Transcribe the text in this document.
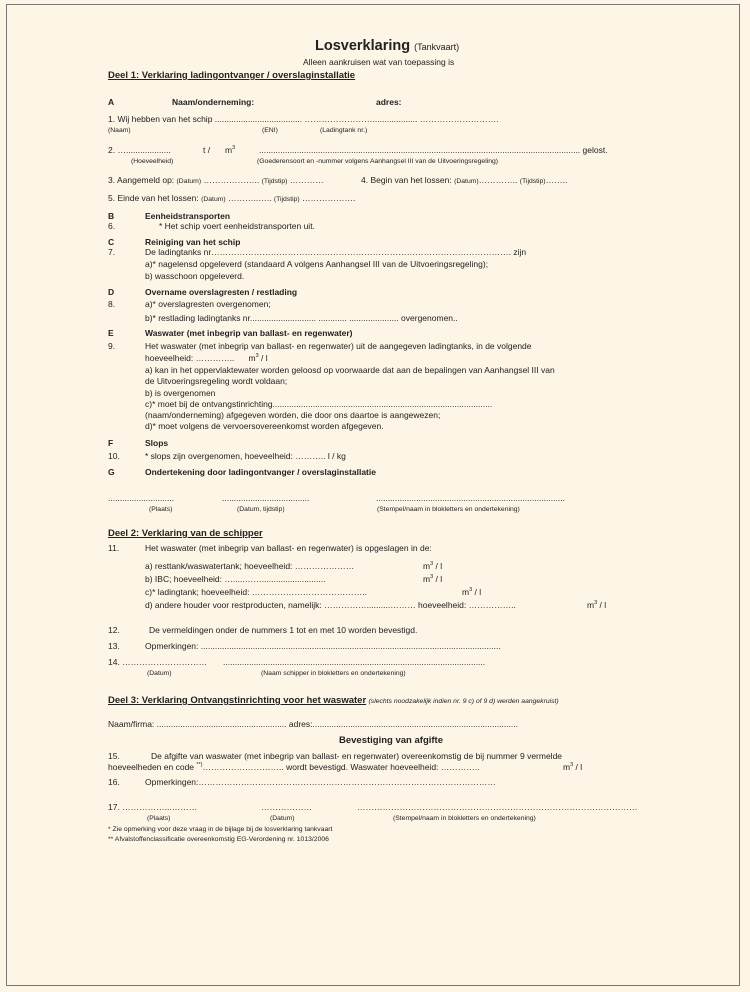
Losverklaring (Tankvaart)
Alleen aankruisen wat van toepassing is
Deel 1: Verklaring ladingontvanger / overslaginstallatie
A	Naam/onderneming:	adres:
1. Wij hebben van het schip ..................................... ……………………................... ……………………….
(Naam)	(ENI)	(Ladingtank nr.)
2. …...................	t / $m^3$	........................................................................................................................................ gelost.
(Hoeveelheid)	(Goederensoort en -nummer volgens Aanhangsel III van de Uitvoeringsregeling)
3. Aangemeld op: (Datum) ……………….. (Tijdstip) …………	4. Begin van het lossen: (Datum)………….. (Tijdstip)……..
5. Einde van het lossen: (Datum) ………..….. (Tijdstip) ……………….
B	Eenheidstransporten
6.	* Het schip voert eenheidstransporten uit.
C	Reiniging van het schip
7.	De ladingtanks nr……………………………………………………………………………………………. zijn
a)* nagelensd opgeleverd (standaard A volgens Aanhangsel III van de Uitvoeringsregeling);
b) wasschoon opgeleverd.
D	Overname overslagresten / restlading
8.	a)* overslagresten overgenomen;
b)* restlading ladingtanks nr............................ ............ ..................... overgenomen..
E	Waswater (met inbegrip van ballast- en regenwater)
9.	Het waswater (met inbegrip van ballast- en regenwater) uit de aangegeven ladingtanks, in de volgende
hoeveelheid: ………….. $m^3$ / l
a) kan in het oppervlaktewater worden geloosd op voorwaarde dat aan de bepalingen van Aanhangsel III van
de Uitvoeringsregeling wordt voldaan;
b) is overgenomen
c)* moet bij de ontvangstinrichting.............................................................................................
(naam/onderneming) afgegeven worden, die door ons daartoe is aangewezen;
d)* moet volgens de vervoersovereenkomst worden afgegeven.
F	Slops
10.	* slops zijn overgenomen, hoeveelheid: ……….. l / kg
G	Ondertekening door ladingontvanger / overslaginstallatie
............................	.....................................	................................................................................
(Plaats)	(Datum, tijdstip)	(Stempel/naam in blokletters en ondertekening)
Deel 2: Verklaring van de schipper
11.	Het waswater (met inbegrip van ballast- en regenwater) is opgeslagen in de:
a) resttank/waswatertank; hoeveelheid: …………………	$m^3$ / l
b) IBC; hoeveelheid: ….....……...........................	$m^3$ / l
c)* ladingtank; hoeveelheid: …………………………………..	$m^3$ / l
d) andere houder voor restproducten, namelijk: ……………..........……… hoeveelheid: ……………..	$m^3$ / l
12.	De vermeldingen onder de nummers 1 tot en met 10 worden bevestigd.
13.	Opmerkingen: ...............................................................................................................................
14. ………………………… ...............................................................................................................
(Datum)	(Naam schipper in blokletters en ondertekening)
Deel 3: Verklaring Ontvangstinrichting voor het waswater (slechts noodzakelijk indien nr. 9 c) of 9 d) werden aangekruist)
Naam/firma: ....................................................... adres:.......................................................................................
Bevestiging van afgifte
15.	De afgifte van waswater (met inbegrip van ballast- en regenwater) overeenkomstig de bij nummer 9 vermelde
hoeveelheden en code **)……………………….. wordt bevestigd. Waswater hoeveelheid: …………..	$m^3$ / l
16.	Opmerkingen:……………………………………………………………………………………………
17. ……………...………	………………	………………………………………………………………………………………
(Plaats)	(Datum)	(Stempel/naam in blokletters en ondertekening)
* Zie opmerking voor deze vraag in de bijlage bij de losverklaring tankvaart
** Afvalstoffenclassificatie overeenkomstig EG-Verordening nr. 1013/2006
